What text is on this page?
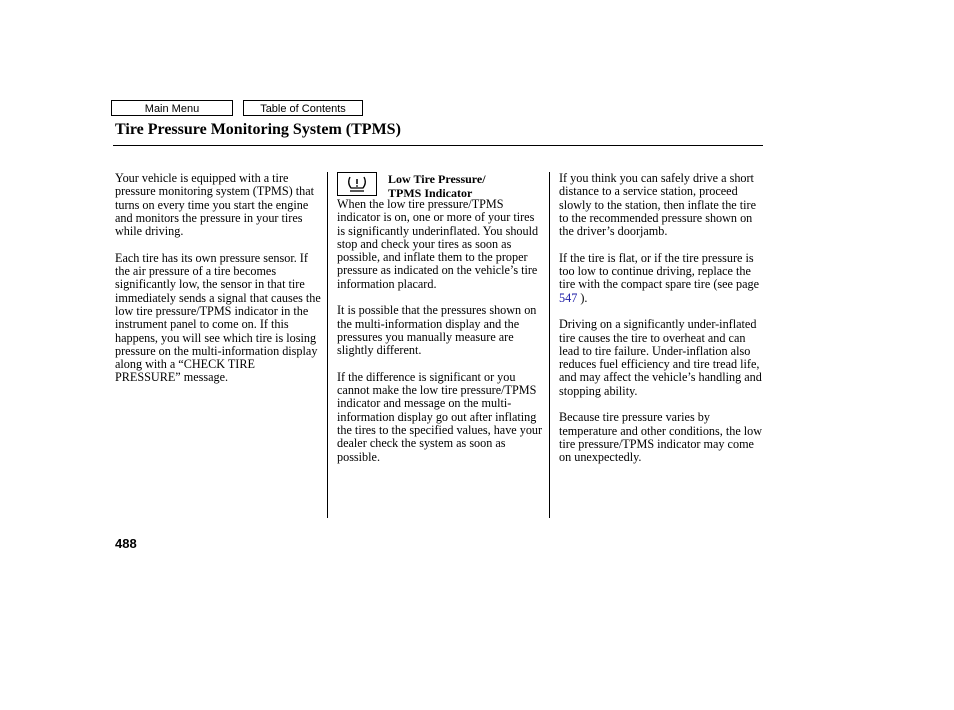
Main Menu	Table of Contents
Tire Pressure Monitoring System (TPMS)

Your vehicle is equipped with a tire pressure monitoring system (TPMS) that turns on every time you start the engine and monitors the pressure in your tires while driving.

Each tire has its own pressure sensor. If the air pressure of a tire becomes significantly low, the sensor in that tire immediately sends a signal that causes the low tire pressure/TPMS indicator in the instrument panel to come on. If this happens, you will see which tire is losing pressure on the multi-information display along with a “CHECK TIRE PRESSURE” message.

Low Tire Pressure/
TPMS Indicator

When the low tire pressure/TPMS indicator is on, one or more of your tires is significantly underinflated. You should stop and check your tires as soon as possible, and inflate them to the proper pressure as indicated on the vehicle’s tire information placard.

It is possible that the pressures shown on the multi-information display and the pressures you manually measure are slightly different.

If the difference is significant or you cannot make the low tire pressure/TPMS indicator and message on the multi-information display go out after inflating the tires to the specified values, have your dealer check the system as soon as possible.

If you think you can safely drive a short distance to a service station, proceed slowly to the station, then inflate the tire to the recommended pressure shown on the driver’s doorjamb.

If the tire is flat, or if the tire pressure is too low to continue driving, replace the tire with the compact spare tire (see page 547 ).

Driving on a significantly under-inflated tire causes the tire to overheat and can lead to tire failure. Under-inflation also reduces fuel efficiency and tire tread life, and may affect the vehicle’s handling and stopping ability.

Because tire pressure varies by temperature and other conditions, the low tire pressure/TPMS indicator may come on unexpectedly.

488
